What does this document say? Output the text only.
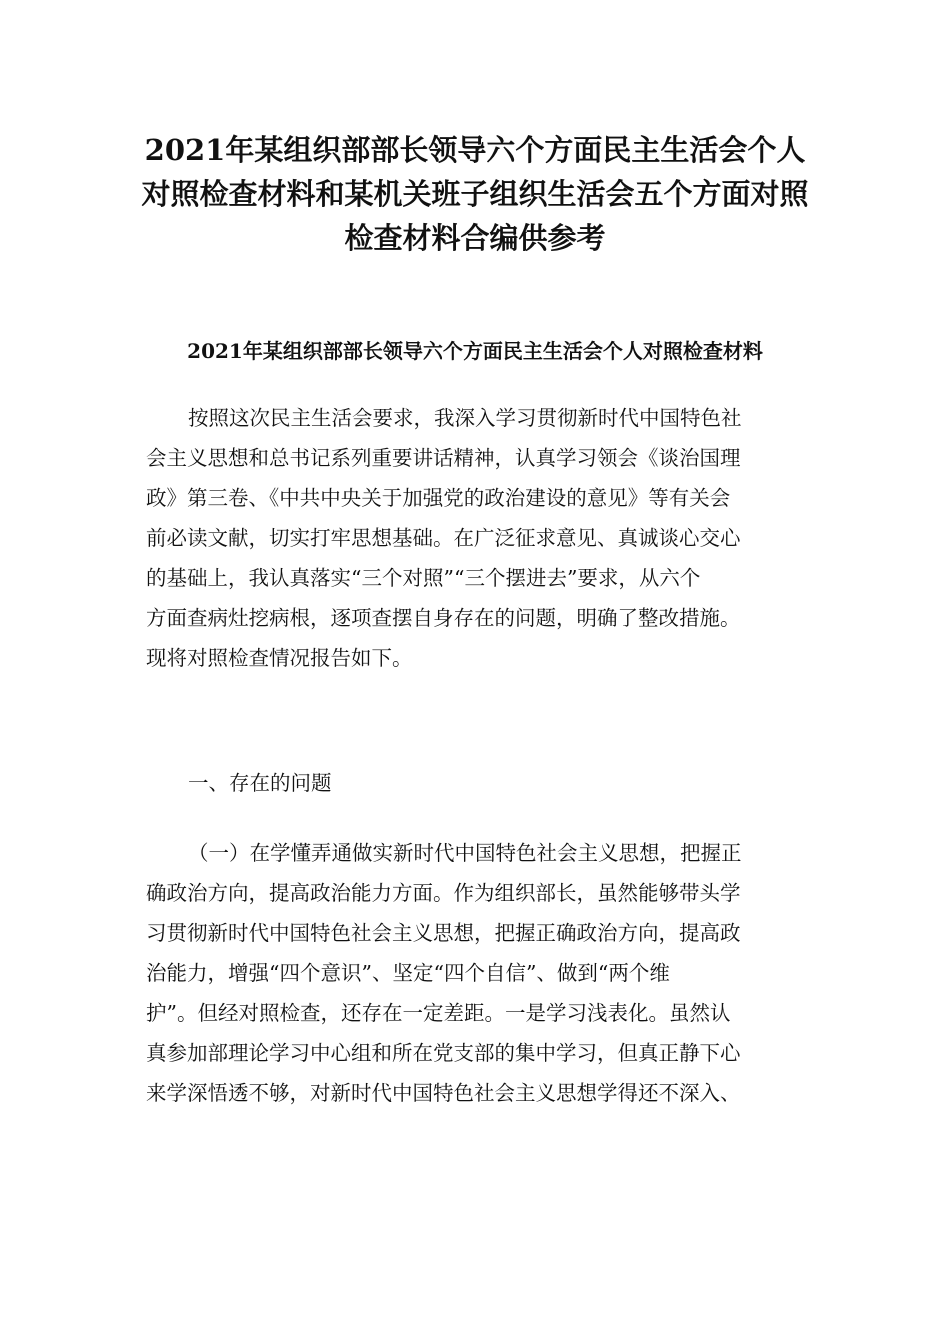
2021年某组织部部长领导六个方面民主生活会个人
对照检查材料和某机关班子组织生活会五个方面对照
检查材料合编供参考
2021年某组织部部长领导六个方面民主生活会个人对照检查材料
按照这次民主生活会要求，我深入学习贯彻新时代中国特色社
会主义思想和总书记系列重要讲话精神，认真学习领会《谈治国理
政》第三卷、《中共中央关于加强党的政治建设的意见》等有关会
前必读文献，切实打牢思想基础。在广泛征求意见、真诚谈心交心
的基础上，我认真落实“三个对照”“三个摆进去”要求，从六个
方面查病灶挖病根，逐项查摆自身存在的问题，明确了整改措施。
现将对照检查情况报告如下。
一、存在的问题
（一）在学懂弄通做实新时代中国特色社会主义思想，把握正
确政治方向，提高政治能力方面。作为组织部长，虽然能够带头学
习贯彻新时代中国特色社会主义思想，把握正确政治方向，提高政
治能力，增强“四个意识”、坚定“四个自信”、做到“两个维
护”。但经对照检查，还存在一定差距。一是学习浅表化。虽然认
真参加部理论学习中心组和所在党支部的集中学习，但真正静下心
来学深悟透不够，对新时代中国特色社会主义思想学得还不深入、
